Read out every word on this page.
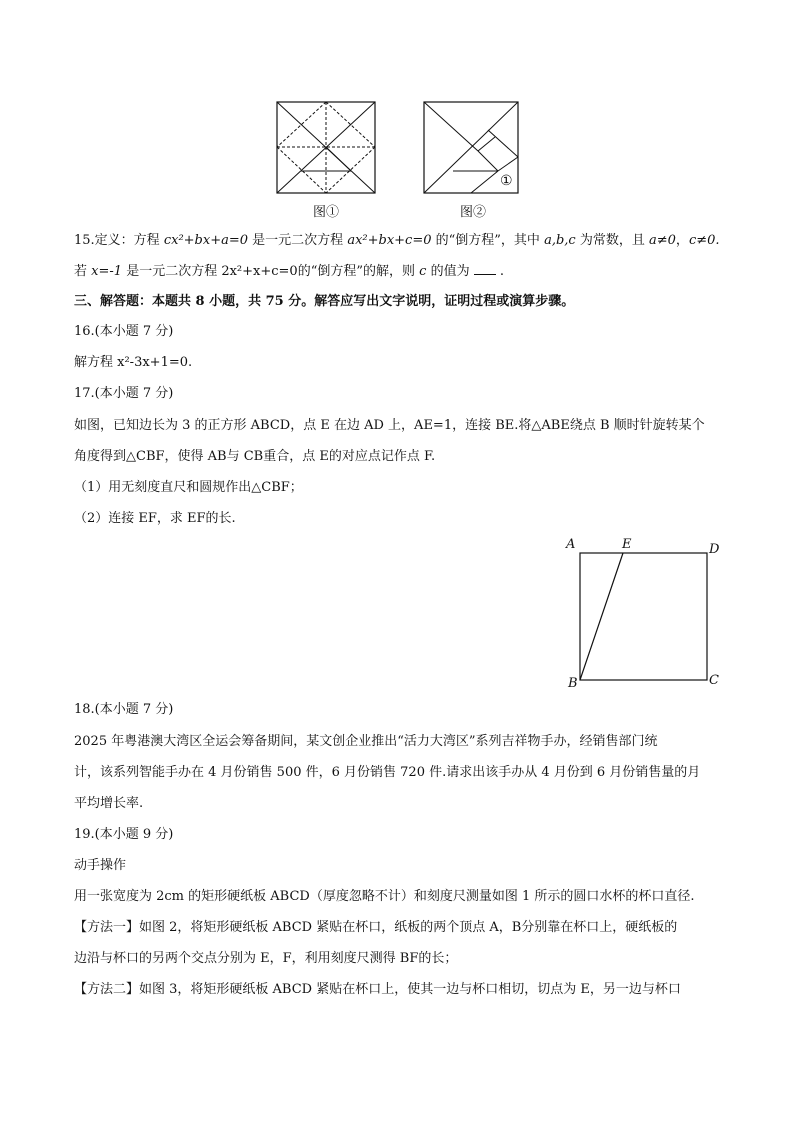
图①
①
图②
15.定义：方程 cx²+bx+a=0 是一元二次方程 ax²+bx+c=0 的“倒方程”，其中 a,b,c 为常数，且 a≠0，c≠0.
若 x=-1 是一元二次方程 2x²+x+c=0的“倒方程”的解，则 c 的值为 .
三、解答题：本题共 8 小题，共 75 分。解答应写出文字说明，证明过程或演算步骤。
16.(本小题 7 分)
解方程 x²-3x+1=0.
17.(本小题 7 分)
如图，已知边长为 3 的正方形 ABCD，点 E 在边 AD 上，AE=1，连接 BE.将△ABE绕点 B 顺时针旋转某个
角度得到△CBF，使得 AB与 CB重合，点 E的对应点记作点 F.
（1）用无刻度直尺和圆规作出△CBF；
（2）连接 EF，求 EF的长.
A	E	D
B	C
18.(本小题 7 分)
2025 年粤港澳大湾区全运会筹备期间，某文创企业推出“活力大湾区”系列吉祥物手办，经销售部门统
计，该系列智能手办在 4 月份销售 500 件，6 月份销售 720 件.请求出该手办从 4 月份到 6 月份销售量的月
平均增长率.
19.(本小题 9 分)
动手操作
用一张宽度为 2cm 的矩形硬纸板 ABCD（厚度忽略不计）和刻度尺测量如图 1 所示的圆口水杯的杯口直径.
【方法一】如图 2，将矩形硬纸板 ABCD 紧贴在杯口，纸板的两个顶点 A，B分别靠在杯口上，硬纸板的
边沿与杯口的另两个交点分别为 E，F，利用刻度尺测得 BF的长；
【方法二】如图 3，将矩形硬纸板 ABCD 紧贴在杯口上，使其一边与杯口相切，切点为 E，另一边与杯口
